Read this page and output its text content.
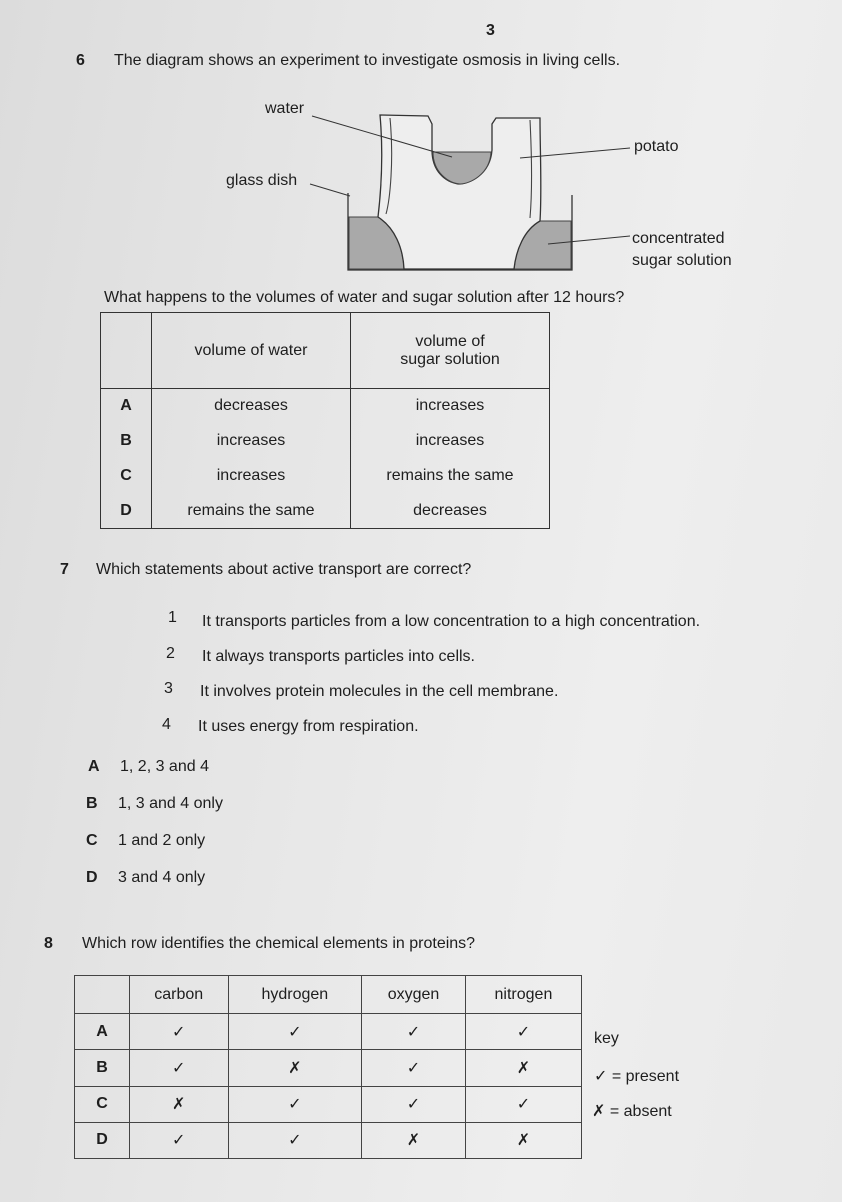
3
6 The diagram shows an experiment to investigate osmosis in living cells.
water
glass dish
potato
concentrated
sugar solution
What happens to the volumes of water and sugar solution after 12 hours?
	volume of water	volume of
sugar solution

A	decreases	increases
B	increases	increases
C	increases	remains the same
D	remains the same	decreases
7 Which statements about active transport are correct?
1 It transports particles from a low concentration to a high concentration.
2 It always transports particles into cells.
3 It involves protein molecules in the cell membrane.
4 It uses energy from respiration.
A 1, 2, 3 and 4
B 1, 3 and 4 only
C 1 and 2 only
D 3 and 4 only
8 Which row identifies the chemical elements in proteins?
	carbon	hydrogen	oxygen	nitrogen
A	✓	✓	✓	✓
B	✓	✗	✓	✗
C	✗	✓	✓	✓
D	✓	✓	✗	✗
key
✓ = present
✗ = absent
